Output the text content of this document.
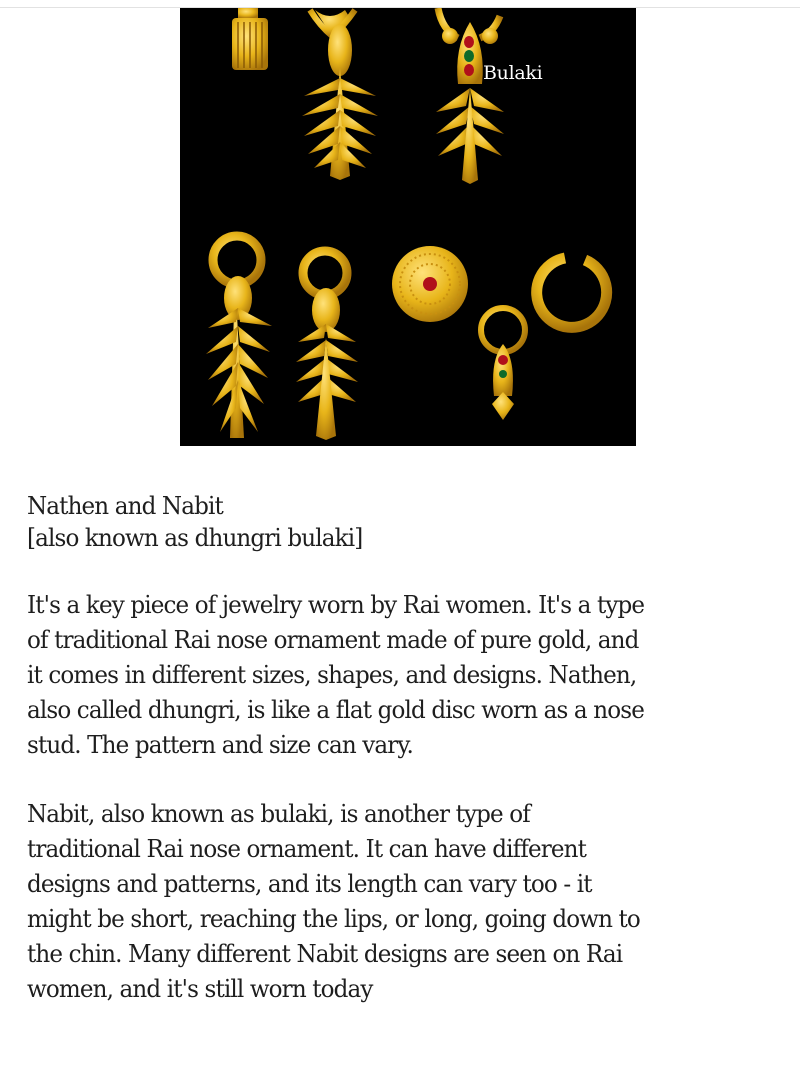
Bulaki

Nathen and Nabit

[also known as dhungri bulaki]

It's a key piece of jewelry worn by Rai women. It's a type

of traditional Rai nose ornament made of pure gold, and

it comes in different sizes, shapes, and designs. Nathen,

also called dhungri, is like a flat gold disc worn as a nose

stud. The pattern and size can vary.

Nabit, also known as bulaki, is another type of

traditional Rai nose ornament. It can have different

designs and patterns, and its length can vary too - it

might be short, reaching the lips, or long, going down to

the chin. Many different Nabit designs are seen on Rai

women, and it's still worn today
